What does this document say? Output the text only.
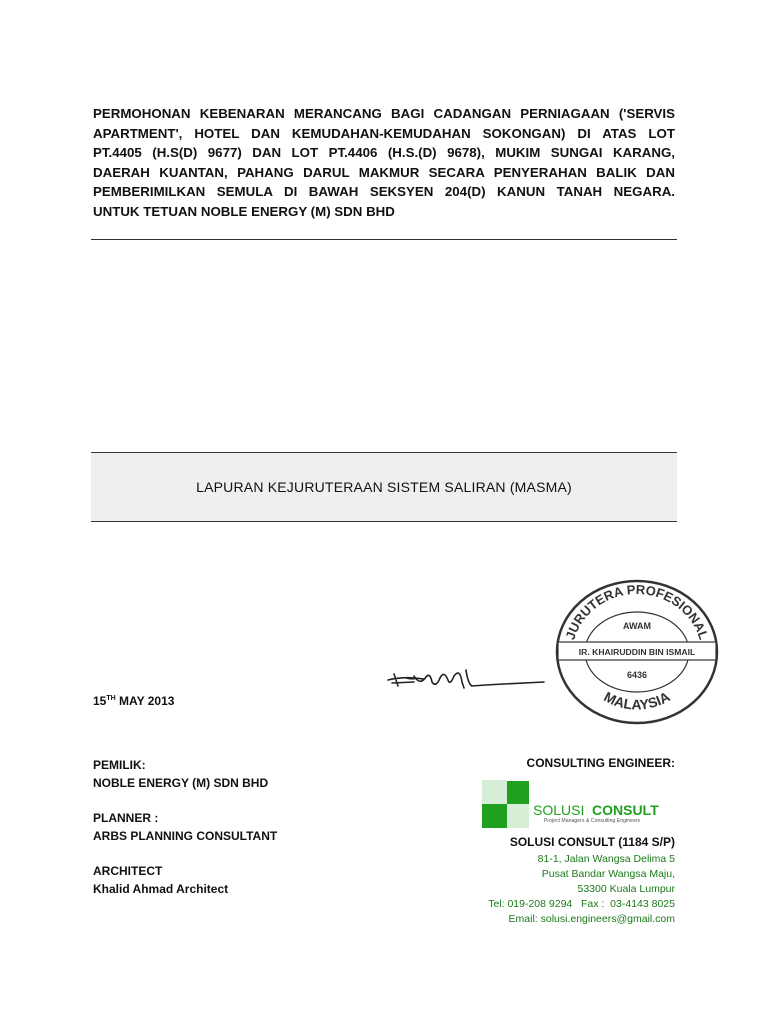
PERMOHONAN KEBENARAN MERANCANG BAGI CADANGAN PERNIAGAAN ('SERVIS
APARTMENT', HOTEL DAN KEMUDAHAN-KEMUDAHAN SOKONGAN) DI ATAS LOT
PT.4405 (H.S(D) 9677) DAN LOT PT.4406 (H.S.(D) 9678), MUKIM SUNGAI KARANG,
DAERAH KUANTAN, PAHANG DARUL MAKMUR SECARA PENYERAHAN BALIK DAN
PEMBERIMILKAN SEMULA DI BAWAH SEKSYEN 204(D) KANUN TANAH NEGARA.
UNTUK TETUAN NOBLE ENERGY (M) SDN BHD
LAPURAN KEJURUTERAAN SISTEM SALIRAN (MASMA)
JURUTERA PROFESIONAL
MALAYSIA
AWAM
IR. KHAIRUDDIN BIN ISMAIL
6436
15TH MAY 2013
PEMILIK:
NOBLE ENERGY (M) SDN BHD
PLANNER :
ARBS PLANNING CONSULTANT
ARCHITECT
Khalid Ahmad Architect
CONSULTING ENGINEER:
SOLUSI CONSULT
Project Managers & Consulting Engineers
SOLUSI CONSULT (1184 S/P)
81-1, Jalan Wangsa Delima 5
Pusat Bandar Wangsa Maju,
53300 Kuala Lumpur
Tel: 019-208 9294   Fax :  03-4143 8025
Email: solusi.engineers@gmail.com
